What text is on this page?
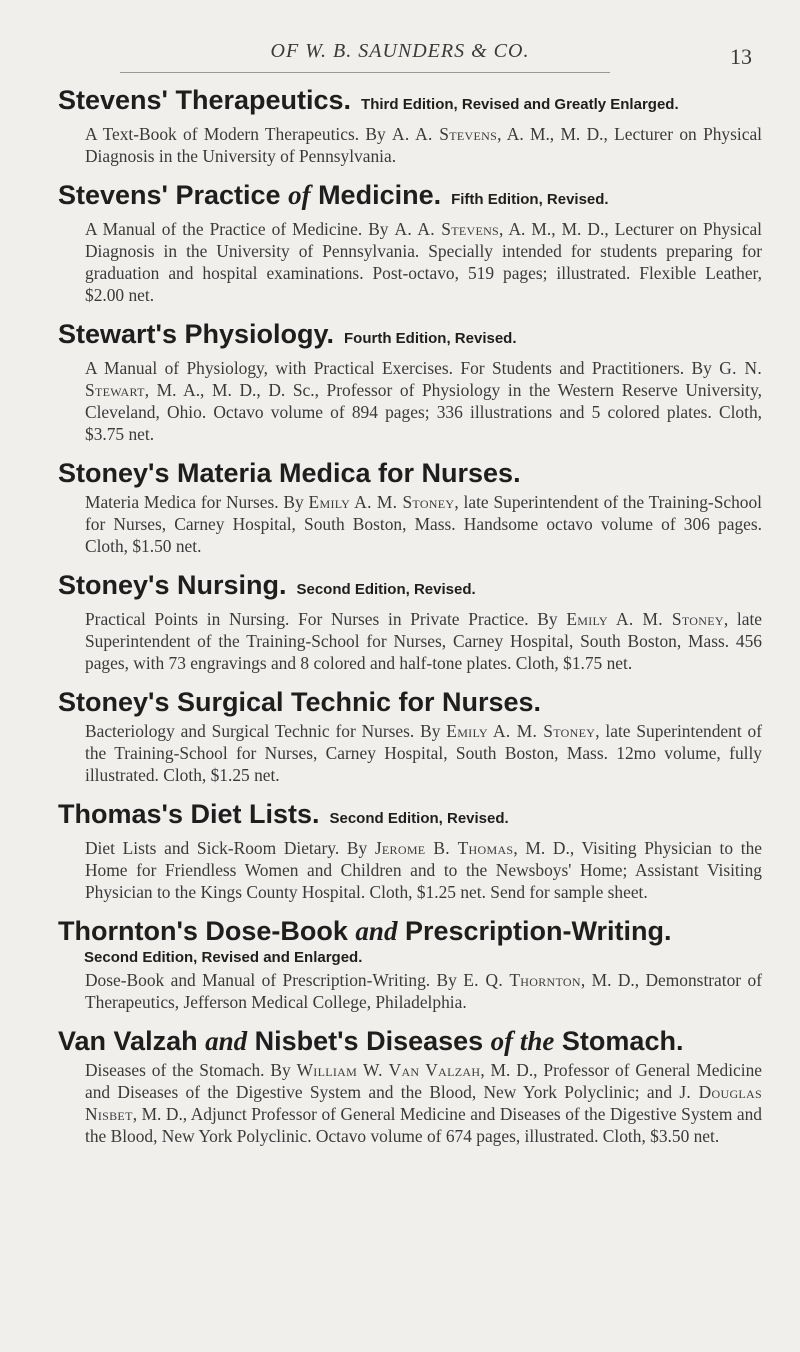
OF W. B. SAUNDERS & CO.	13
Stevens' Therapeutics. Third Edition, Revised and Greatly Enlarged.
A Text-Book of Modern Therapeutics. By A. A. Stevens, A. M., M. D., Lecturer on Physical Diagnosis in the University of Pennsylvania.
Stevens' Practice of Medicine. Fifth Edition, Revised.
A Manual of the Practice of Medicine. By A. A. Stevens, A. M., M. D., Lecturer on Physical Diagnosis in the University of Pennsylvania. Specially intended for students preparing for graduation and hospital examinations. Post-octavo, 519 pages; illustrated. Flexible Leather, $2.00 net.
Stewart's Physiology. Fourth Edition, Revised.
A Manual of Physiology, with Practical Exercises. For Students and Practitioners. By G. N. Stewart, M. A., M. D., D. Sc., Professor of Physiology in the Western Reserve University, Cleveland, Ohio. Octavo volume of 894 pages; 336 illustrations and 5 colored plates. Cloth, $3.75 net.
Stoney's Materia Medica for Nurses.
Materia Medica for Nurses. By Emily A. M. Stoney, late Superintendent of the Training-School for Nurses, Carney Hospital, South Boston, Mass. Handsome octavo volume of 306 pages. Cloth, $1.50 net.
Stoney's Nursing. Second Edition, Revised.
Practical Points in Nursing. For Nurses in Private Practice. By Emily A. M. Stoney, late Superintendent of the Training-School for Nurses, Carney Hospital, South Boston, Mass. 456 pages, with 73 engravings and 8 colored and half-tone plates. Cloth, $1.75 net.
Stoney's Surgical Technic for Nurses.
Bacteriology and Surgical Technic for Nurses. By Emily A. M. Stoney, late Superintendent of the Training-School for Nurses, Carney Hospital, South Boston, Mass. 12mo volume, fully illustrated. Cloth, $1.25 net.
Thomas's Diet Lists. Second Edition, Revised.
Diet Lists and Sick-Room Dietary. By Jerome B. Thomas, M. D., Visiting Physician to the Home for Friendless Women and Children and to the Newsboys' Home; Assistant Visiting Physician to the Kings County Hospital. Cloth, $1.25 net. Send for sample sheet.
Thornton's Dose-Book and Prescription-Writing.
Second Edition, Revised and Enlarged.
Dose-Book and Manual of Prescription-Writing. By E. Q. Thornton, M. D., Demonstrator of Therapeutics, Jefferson Medical College, Philadelphia.
Van Valzah and Nisbet's Diseases of the Stomach.
Diseases of the Stomach. By William W. Van Valzah, M. D., Professor of General Medicine and Diseases of the Digestive System and the Blood, New York Polyclinic; and J. Douglas Nisbet, M. D., Adjunct Professor of General Medicine and Diseases of the Digestive System and the Blood, New York Polyclinic. Octavo volume of 674 pages, illustrated. Cloth, $3.50 net.
